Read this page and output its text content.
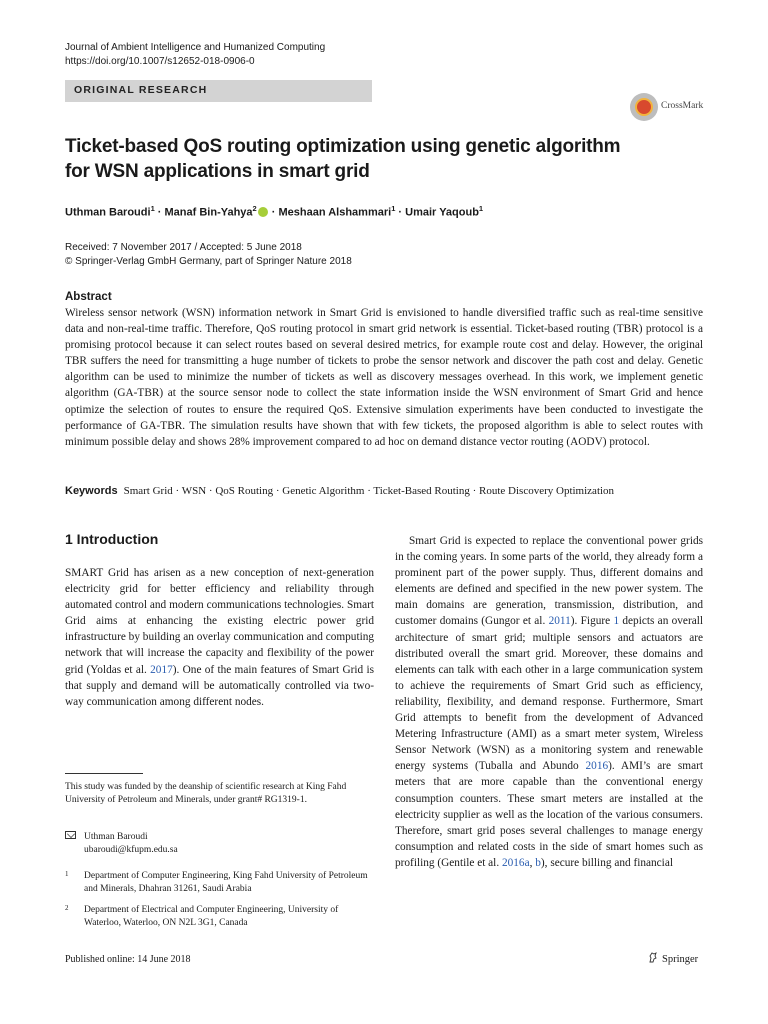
Journal of Ambient Intelligence and Humanized Computing
https://doi.org/10.1007/s12652-018-0906-0
ORIGINAL RESEARCH
CrossMark
Ticket-based QoS routing optimization using genetic algorithm
for WSN applications in smart grid
Uthman Baroudi$^1$ · Manaf Bin-Yahya$^2$ · Meshaan Alshammari$^1$ · Umair Yaqoub$^1$
Received: 7 November 2017 / Accepted: 5 June 2018
© Springer-Verlag GmbH Germany, part of Springer Nature 2018
Abstract
Wireless sensor network (WSN) information network in Smart Grid is envisioned to handle diversified traffic such as real-time sensitive data and non-real-time traffic. Therefore, QoS routing protocol in smart grid network is essential. Ticket-based routing (TBR) protocol is a promising protocol because it can select routes based on several desired metrics, for example route cost and delay. However, the original TBR suffers the need for transmitting a huge number of tickets to probe the sensor network and discover the path cost and delay. Genetic algorithm can be used to minimize the number of tickets as well as discovery messages overhead. In this work, we implement genetic algorithm (GA-TBR) at the source sensor node to collect the state information inside the WSN environment of Smart Grid and hence optimize the selection of routes to ensure the required QoS. Extensive simulation experiments have been conducted to investigate the performance of GA-TBR. The simulation results have shown that with few tickets, the proposed algorithm is able to select routes with minimum possible delay and shows 28% improvement compared to ad hoc on demand distance vector routing (AODV) protocol.
Keywords Smart Grid · WSN · QoS Routing · Genetic Algorithm · Ticket-Based Routing · Route Discovery Optimization
1 Introduction
SMART Grid has arisen as a new conception of next-generation electricity grid for better efficiency and reliability through automated control and modern communications technologies. Smart Grid aims at enhancing the existing electric power grid infrastructure by building an overlay communication and computing network that will increase the capacity and flexibility of the power grid (Yoldas et al. 2017). One of the main features of Smart Grid is that supply and demand will be automatically controlled via two-way communication among different nodes.
Smart Grid is expected to replace the conventional power grids in the coming years. In some parts of the world, they already form a prominent part of the power supply. Thus, different domains and elements are defined and specified in the new power system. The main domains are generation, transmission, distribution, and customer domains (Gungor et al. 2011). Figure 1 depicts an overall architecture of smart grid; multiple sensors and actuators are distributed overall the smart grid. Moreover, these domains and elements can talk with each other in a large communication system to achieve the requirements of Smart Grid such as efficiency, reliability, flexibility, and demand response. Furthermore, Smart Grid attempts to benefit from the development of Advanced Metering Infrastructure (AMI) as a smart meter system, Wireless Sensor Network (WSN) as a monitoring system and renewable energy systems (Tuballa and Abundo 2016). AMI’s are smart meters that are more capable than the conventional energy consumption counters. These smart meters are installed at the electricity supplier as well as the location of the various consumers. Therefore, smart grid poses several challenges to manage energy consumption and related costs in the side of smart homes such as profiling (Gentile et al. 2016a, b), secure billing and financial
This study was funded by the deanship of scientific research at King Fahd University of Petroleum and Minerals, under grant# RG1319-1.
Uthman Baroudi
ubaroudi@kfupm.edu.sa
1 Department of Computer Engineering, King Fahd University of Petroleum and Minerals, Dhahran 31261, Saudi Arabia
2 Department of Electrical and Computer Engineering, University of Waterloo, Waterloo, ON N2L 3G1, Canada
Published online: 14 June 2018	Springer
